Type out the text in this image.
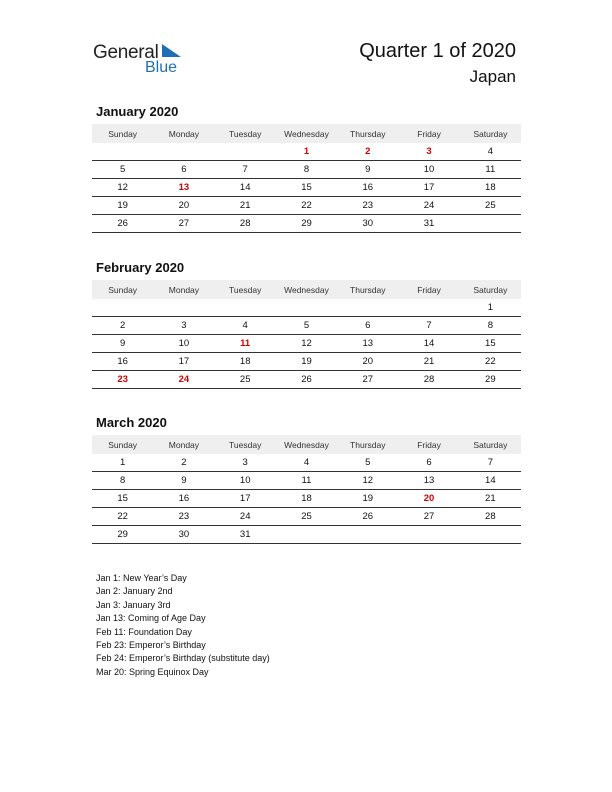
General
Blue
Quarter 1 of 2020
Japan
January 2020
Sunday	Monday	Tuesday	Wednesday	Thursday	Friday	Saturday
			1	2	3	4
5	6	7	8	9	10	11
12	13	14	15	16	17	18
19	20	21	22	23	24	25
26	27	28	29	30	31	
February 2020
Sunday	Monday	Tuesday	Wednesday	Thursday	Friday	Saturday
						1
2	3	4	5	6	7	8
9	10	11	12	13	14	15
16	17	18	19	20	21	22
23	24	25	26	27	28	29
March 2020
Sunday	Monday	Tuesday	Wednesday	Thursday	Friday	Saturday
1	2	3	4	5	6	7
8	9	10	11	12	13	14
15	16	17	18	19	20	21
22	23	24	25	26	27	28
29	30	31				
Jan 1: New Year’s Day
Jan 2: January 2nd
Jan 3: January 3rd
Jan 13: Coming of Age Day
Feb 11: Foundation Day
Feb 23: Emperor’s Birthday
Feb 24: Emperor’s Birthday (substitute day)
Mar 20: Spring Equinox Day
